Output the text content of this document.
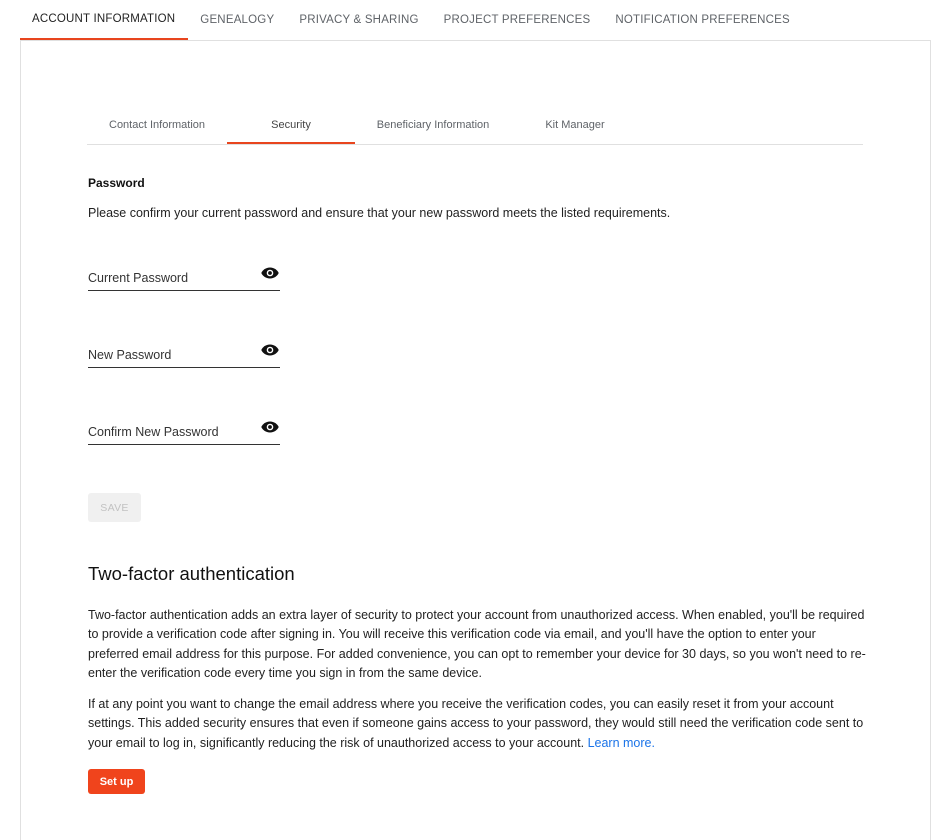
ACCOUNT INFORMATION	GENEALOGY	PRIVACY & SHARING	PROJECT PREFERENCES	NOTIFICATION PREFERENCES
Contact Information	Security	Beneficiary Information	Kit Manager
Password
Please confirm your current password and ensure that your new password meets the listed requirements.
Current Password
New Password
Confirm New Password
SAVE
Two-factor authentication

Two-factor authentication adds an extra layer of security to protect your account from unauthorized access. When enabled, you'll be required to provide a verification code after signing in. You will receive this verification code via email, and you'll have the option to enter your preferred email address for this purpose. For added convenience, you can opt to remember your device for 30 days, so you won't need to re-enter the verification code every time you sign in from the same device.

If at any point you want to change the email address where you receive the verification codes, you can easily reset it from your account settings. This added security ensures that even if someone gains access to your password, they would still need the verification code sent to your email to log in, significantly reducing the risk of unauthorized access to your account. Learn more.

Set up
